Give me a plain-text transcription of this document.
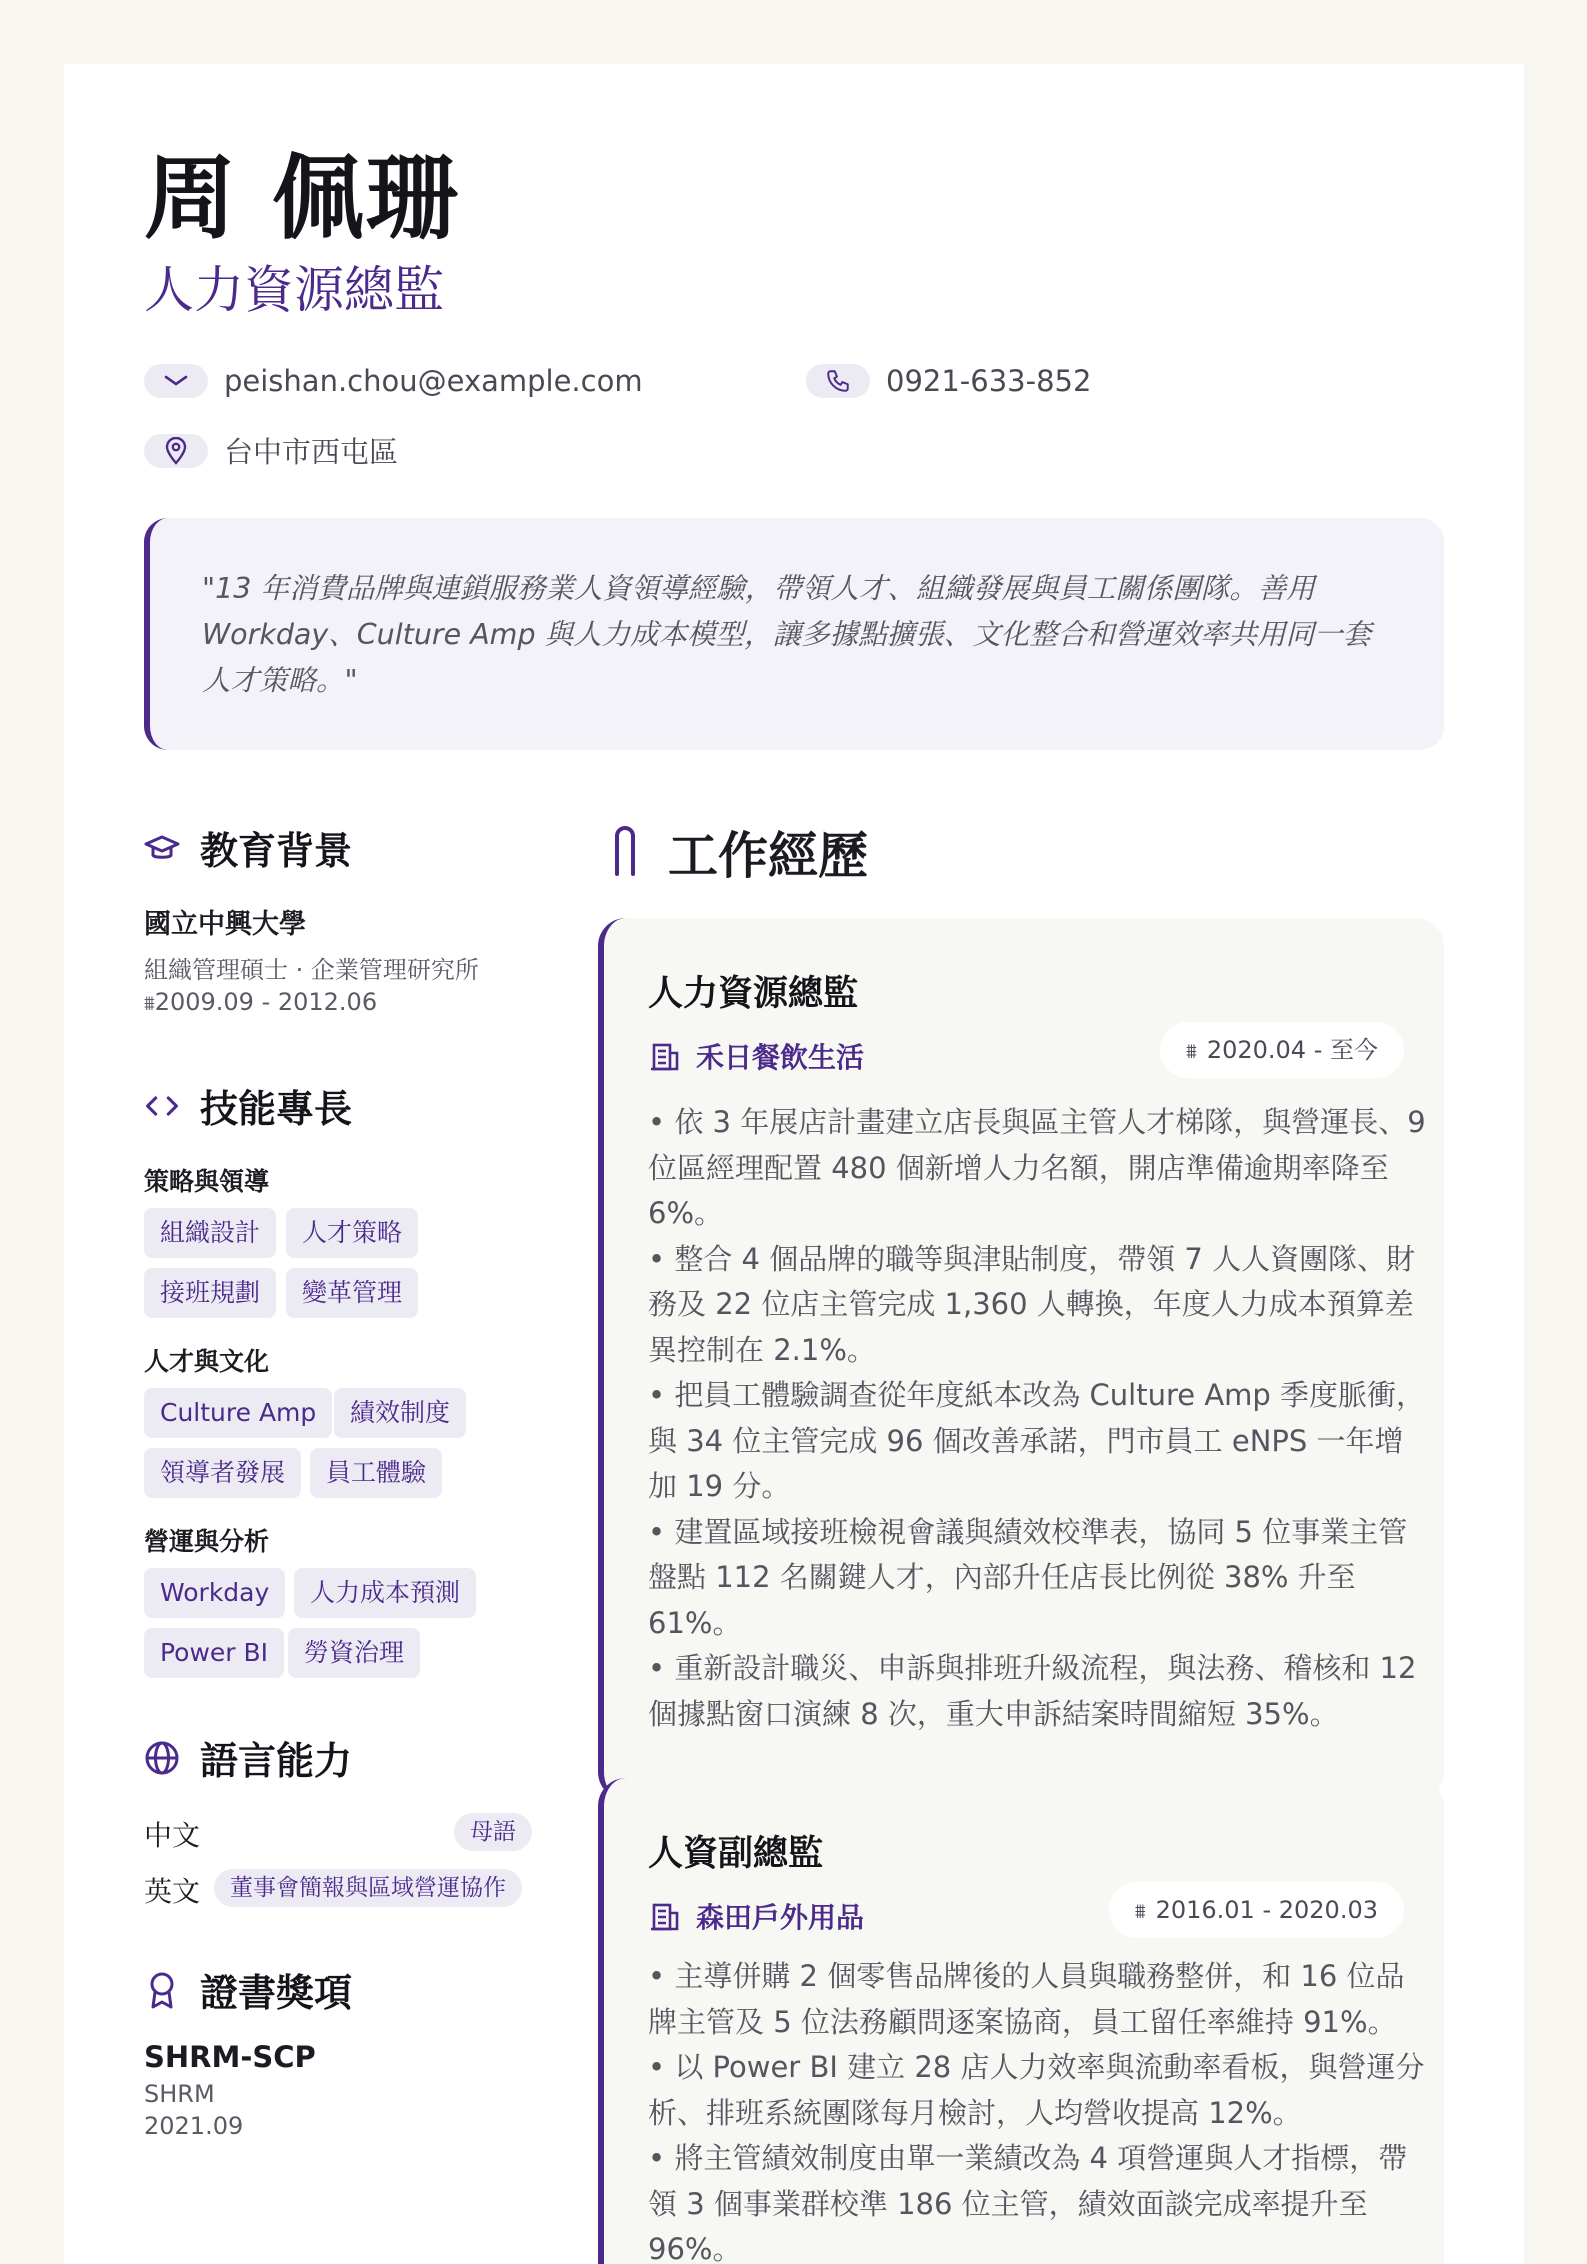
周 佩珊
人力資源總監
peishan.chou@example.com	0921-633-852
台中市西屯區
"13 年消費品牌與連鎖服務業人資領導經驗，帶領人才、組織發展與員工關係團隊。善用 Workday、Culture Amp 與人力成本模型，讓多據點擴張、文化整合和營運效率共用同一套人才策略。"
教育背景
國立中興大學
組織管理碩士 · 企業管理研究所
⩩2009.09 - 2012.06
技能專長
策略與領導
組織設計	人才策略
接班規劃	變革管理
人才與文化
Culture Amp	績效制度
領導者發展	員工體驗
營運與分析
Workday	人力成本預測
Power BI	勞資治理
語言能力
中文	母語
英文	董事會簡報與區域營運協作
證書獎項
SHRM-SCP
SHRM
2021.09
工作經歷
人力資源總監
禾日餐飲生活	⩩ 2020.04 - 至今
• 依 3 年展店計畫建立店長與區主管人才梯隊，與營運長、9 位區經理配置 480 個新增人力名額，開店準備逾期率降至 6%。
• 整合 4 個品牌的職等與津貼制度，帶領 7 人人資團隊、財務及 22 位店主管完成 1,360 人轉換，年度人力成本預算差異控制在 2.1%。
• 把員工體驗調查從年度紙本改為 Culture Amp 季度脈衝，與 34 位主管完成 96 個改善承諾，門市員工 eNPS 一年增加 19 分。
• 建置區域接班檢視會議與績效校準表，協同 5 位事業主管盤點 112 名關鍵人才，內部升任店長比例從 38% 升至 61%。
• 重新設計職災、申訴與排班升級流程，與法務、稽核和 12 個據點窗口演練 8 次，重大申訴結案時間縮短 35%。
人資副總監
森田戶外用品	⩩ 2016.01 - 2020.03
• 主導併購 2 個零售品牌後的人員與職務整併，和 16 位品牌主管及 5 位法務顧問逐案協商，員工留任率維持 91%。
• 以 Power BI 建立 28 店人力效率與流動率看板，與營運分析、排班系統團隊每月檢討，人均營收提高 12%。
• 將主管績效制度由單一業績改為 4 項營運與人才指標，帶領 3 個事業群校準 186 位主管，績效面談完成率提升至 96%。
